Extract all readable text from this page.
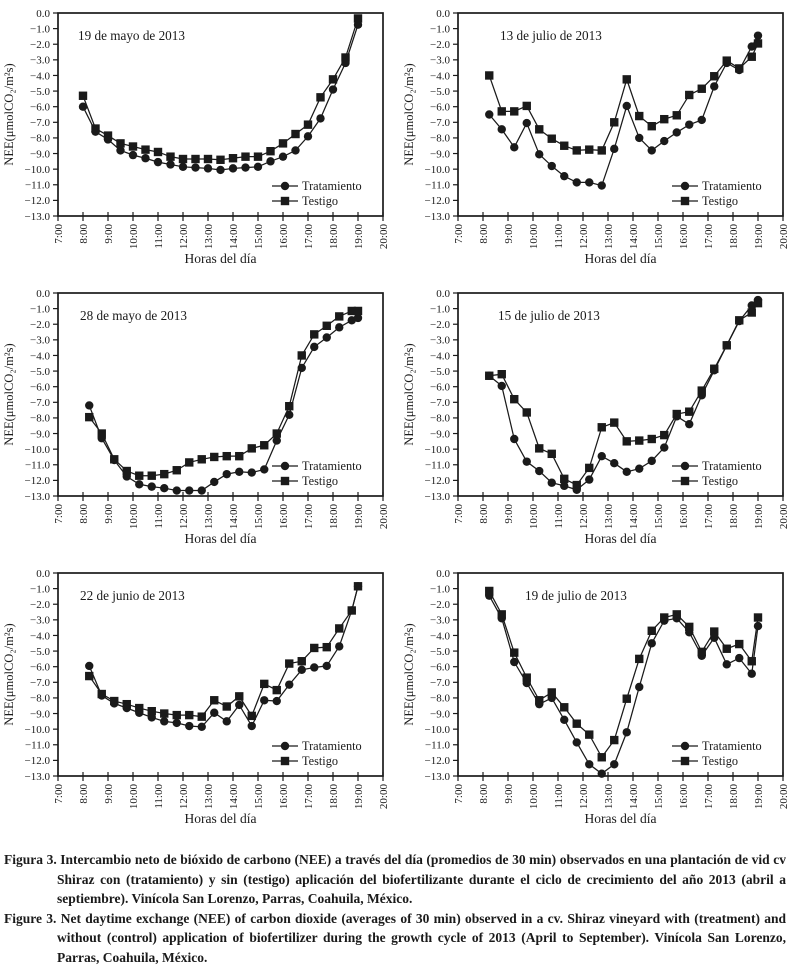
0.0
−1.0
−2.0
−3.0
−4.0
−5.0
−6.0
−7.0
−8.0
−9.0
−10.0
−11.0
−12.0
−13.0
7:00 8:00 9:00 10:00 11:00 12:00 13:00 14:00 15:00 16:00 17:00 18:00 19:00 20:00
NEE(μmolCO₂/m²s)
Horas del día
19 de mayo de 2013
Tratamiento
Testigo
0.0
−1.0
−2.0
−3.0
−4.0
−5.0
−6.0
−7.0
−8.0
−9.0
−10.0
−11.0
−12.0
−13.0
7:00 8:00 9:00 10:00 11:00 12:00 13:00 14:00 15:00 16:00 17:00 18:00 19:00 20:00
NEE(μmolCO₂/m²s)
Horas del día
13 de julio de 2013
Tratamiento
Testigo
0.0
−1.0
−2.0
−3.0
−4.0
−5.0
−6.0
−7.0
−8.0
−9.0
−10.0
−11.0
−12.0
−13.0
7:00 8:00 9:00 10:00 11:00 12:00 13:00 14:00 15:00 16:00 17:00 18:00 19:00 20:00
NEE(μmolCO₂/m²s)
Horas del día
28 de mayo de 2013
Tratamiento
Testigo
0.0
−1.0
−2.0
−3.0
−4.0
−5.0
−6.0
−7.0
−8.0
−9.0
−10.0
−11.0
−12.0
−13.0
7:00 8:00 9:00 10:00 11:00 12:00 13:00 14:00 15:00 16:00 17:00 18:00 19:00 20:00
NEE(μmolCO₂/m²s)
Horas del día
15 de julio de 2013
Tratamiento
Testigo
0.0
−1.0
−2.0
−3.0
−4.0
−5.0
−6.0
−7.0
−8.0
−9.0
−10.0
−11.0
−12.0
−13.0
7:00 8:00 9:00 10:00 11:00 12:00 13:00 14:00 15:00 16:00 17:00 18:00 19:00 20:00
NEE(μmolCO₂/m²s)
Horas del día
22 de junio de 2013
Tratamiento
Testigo
0.0
−1.0
−2.0
−3.0
−4.0
−5.0
−6.0
−7.0
−8.0
−9.0
−10.0
−11.0
−12.0
−13.0
7:00 8:00 9:00 10:00 11:00 12:00 13:00 14:00 15:00 16:00 17:00 18:00 19:00 20:00
NEE(μmolCO₂/m²s)
Horas del día
19 de julio de 2013
Tratamiento
Testigo

Figura 3. Intercambio neto de bióxido de carbono (NEE) a través del día (promedios de 30 min) observados en una plantación de vid cv Shiraz con (tratamiento) y sin (testigo) aplicación del biofertilizante durante el ciclo de crecimiento del año 2013 (abril a septiembre). Vinícola San Lorenzo, Parras, Coahuila, México.

Figure 3. Net daytime exchange (NEE) of carbon dioxide (averages of 30 min) observed in a cv. Shiraz vineyard with (treatment) and without (control) application of biofertilizer during the growth cycle of 2013 (April to September). Vinícola San Lorenzo, Parras, Coahuila, México.
